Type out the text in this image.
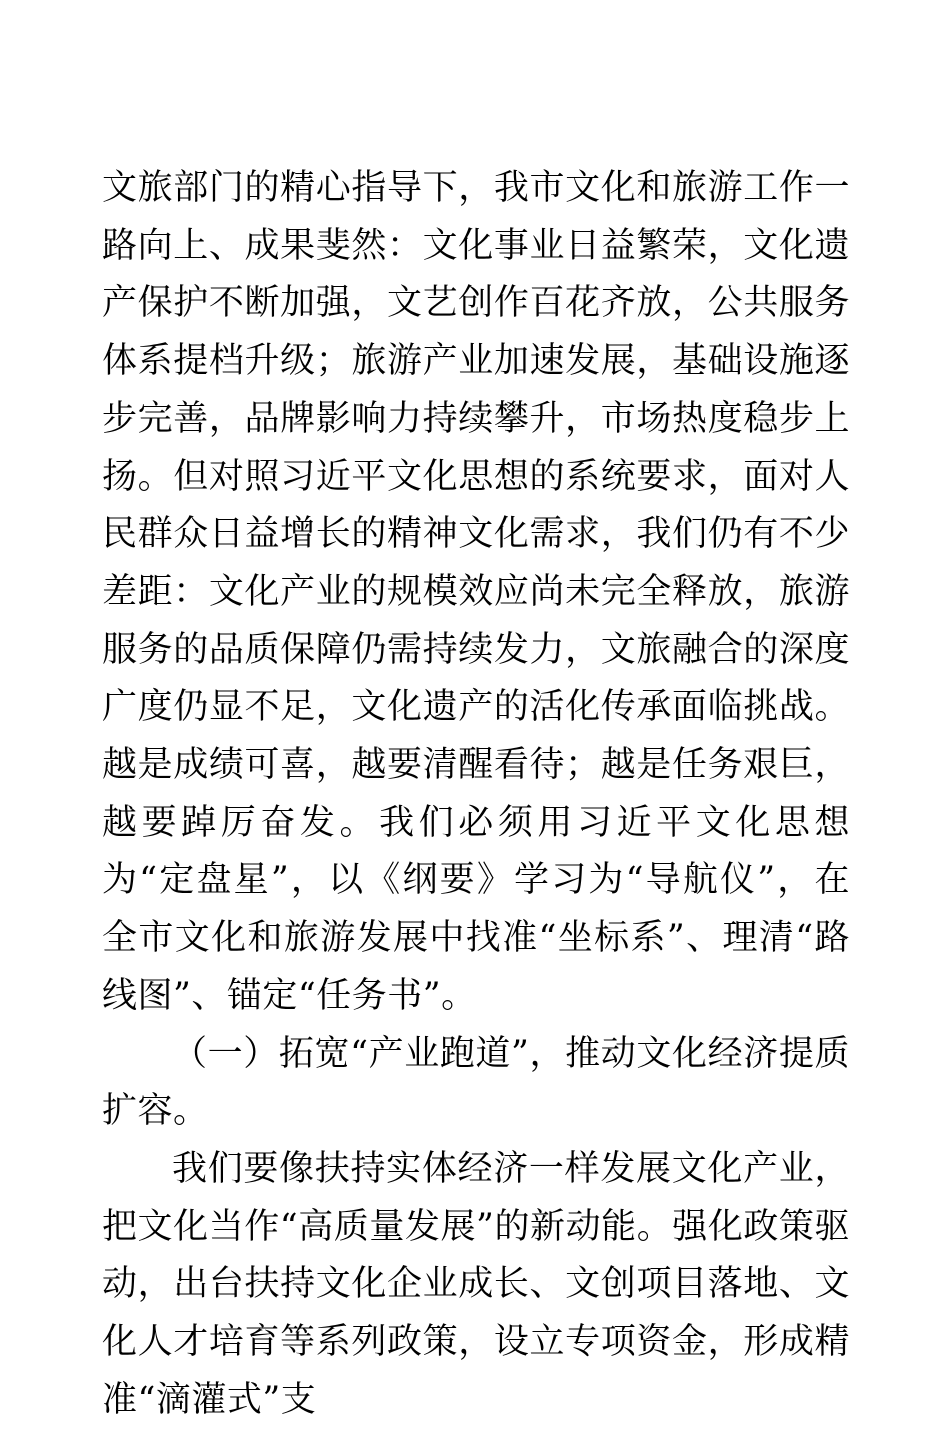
文旅部门的精心指导下，我市文化和旅游工作一路向上、成果斐然：文化事业日益繁荣，文化遗产保护不断加强，文艺创作百花齐放，公共服务体系提档升级；旅游产业加速发展，基础设施逐步完善，品牌影响力持续攀升，市场热度稳步上扬。但对照习近平文化思想的系统要求，面对人民群众日益增长的精神文化需求，我们仍有不少差距：文化产业的规模效应尚未完全释放，旅游服务的品质保障仍需持续发力，文旅融合的深度广度仍显不足，文化遗产的活化传承面临挑战。越是成绩可喜，越要清醒看待；越是任务艰巨，越要踔厉奋发。我们必须用习近平文化思想为“定盘星”，以《纲要》学习为“导航仪”，在全市文化和旅游发展中找准“坐标系”、理清“路线图”、锚定“任务书”。

（一）拓宽“产业跑道”，推动文化经济提质扩容。

我们要像扶持实体经济一样发展文化产业，把文化当作“高质量发展”的新动能。强化政策驱动，出台扶持文化企业成长、文创项目落地、文化人才培育等系列政策，设立专项资金，形成精准“滴灌式”支
